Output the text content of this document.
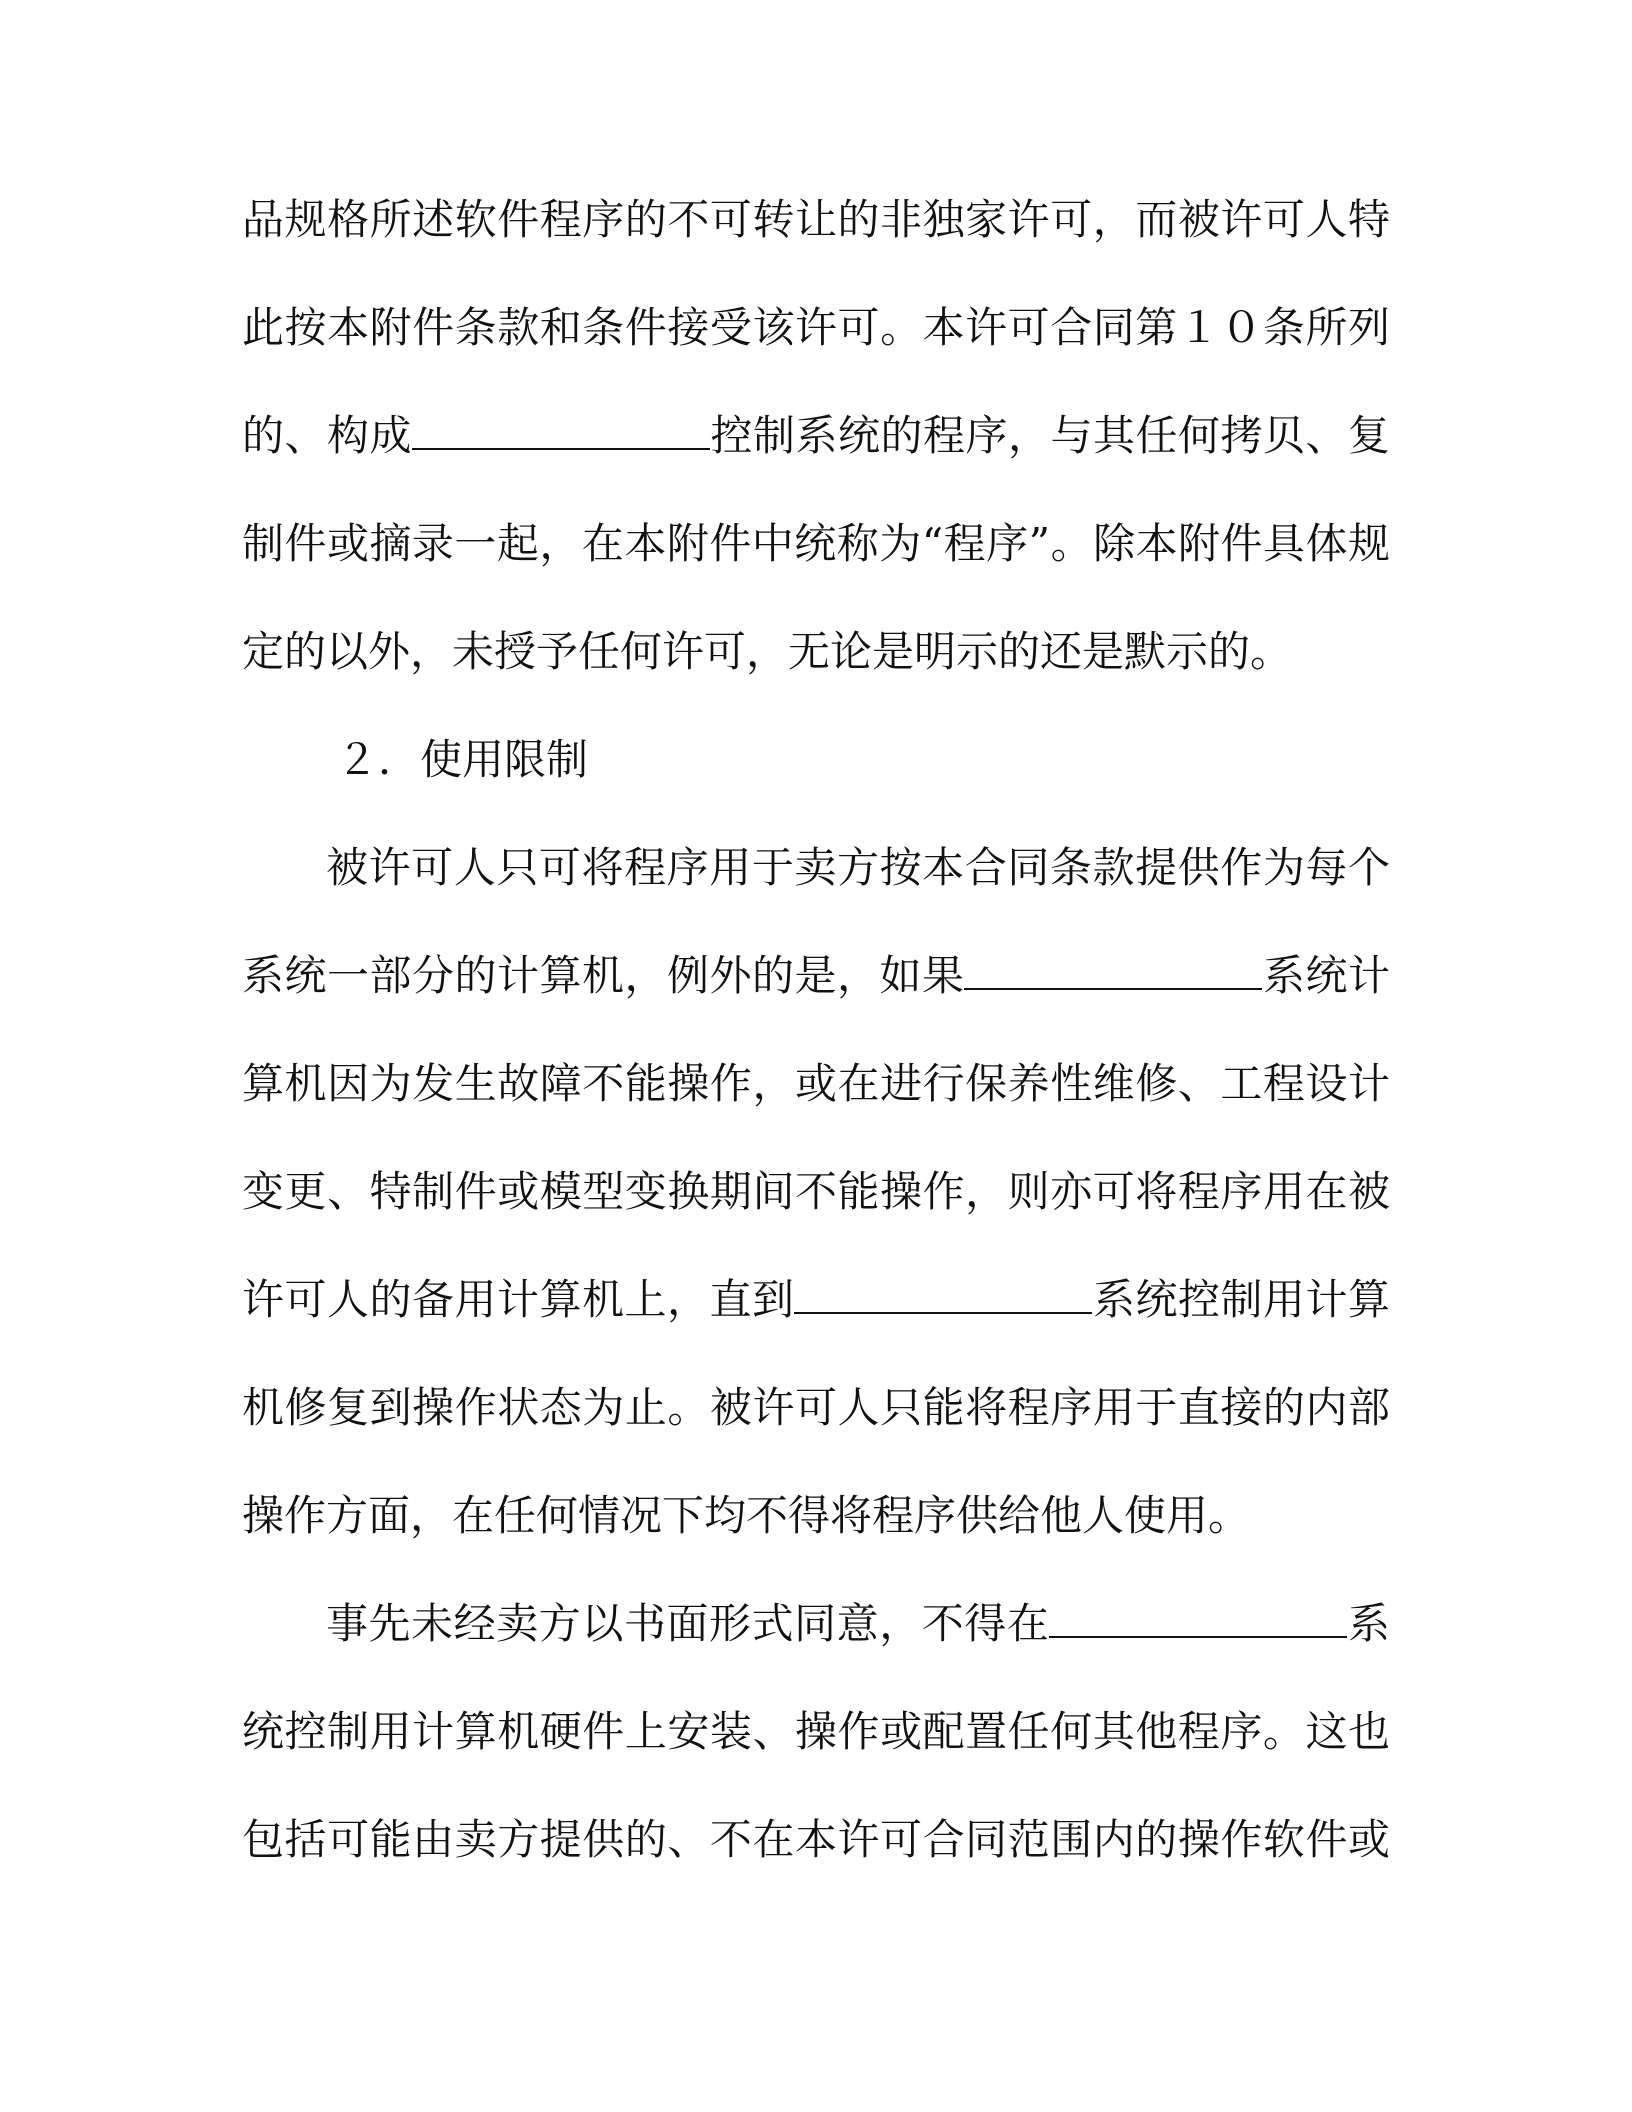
品规格所述软件程序的不可转让的非独家许可，而被许可人特
此按本附件条款和条件接受该许可。本许可合同第１０条所列
的、构成	控制系统的程序，与其任何拷贝、复
制件或摘录一起，在本附件中统称为“程序”。除本附件具体规
定的以外，未授予任何许可，无论是明示的还是默示的。
２．使用限制
被许可人只可将程序用于卖方按本合同条款提供作为每个
系统一部分的计算机，例外的是，如果	系统计
算机因为发生故障不能操作，或在进行保养性维修、工程设计
变更、特制件或模型变换期间不能操作，则亦可将程序用在被
许可人的备用计算机上，直到	系统控制用计算
机修复到操作状态为止。被许可人只能将程序用于直接的内部
操作方面，在任何情况下均不得将程序供给他人使用。
事先未经卖方以书面形式同意，不得在	系
统控制用计算机硬件上安装、操作或配置任何其他程序。这也
包括可能由卖方提供的、不在本许可合同范围内的操作软件或
